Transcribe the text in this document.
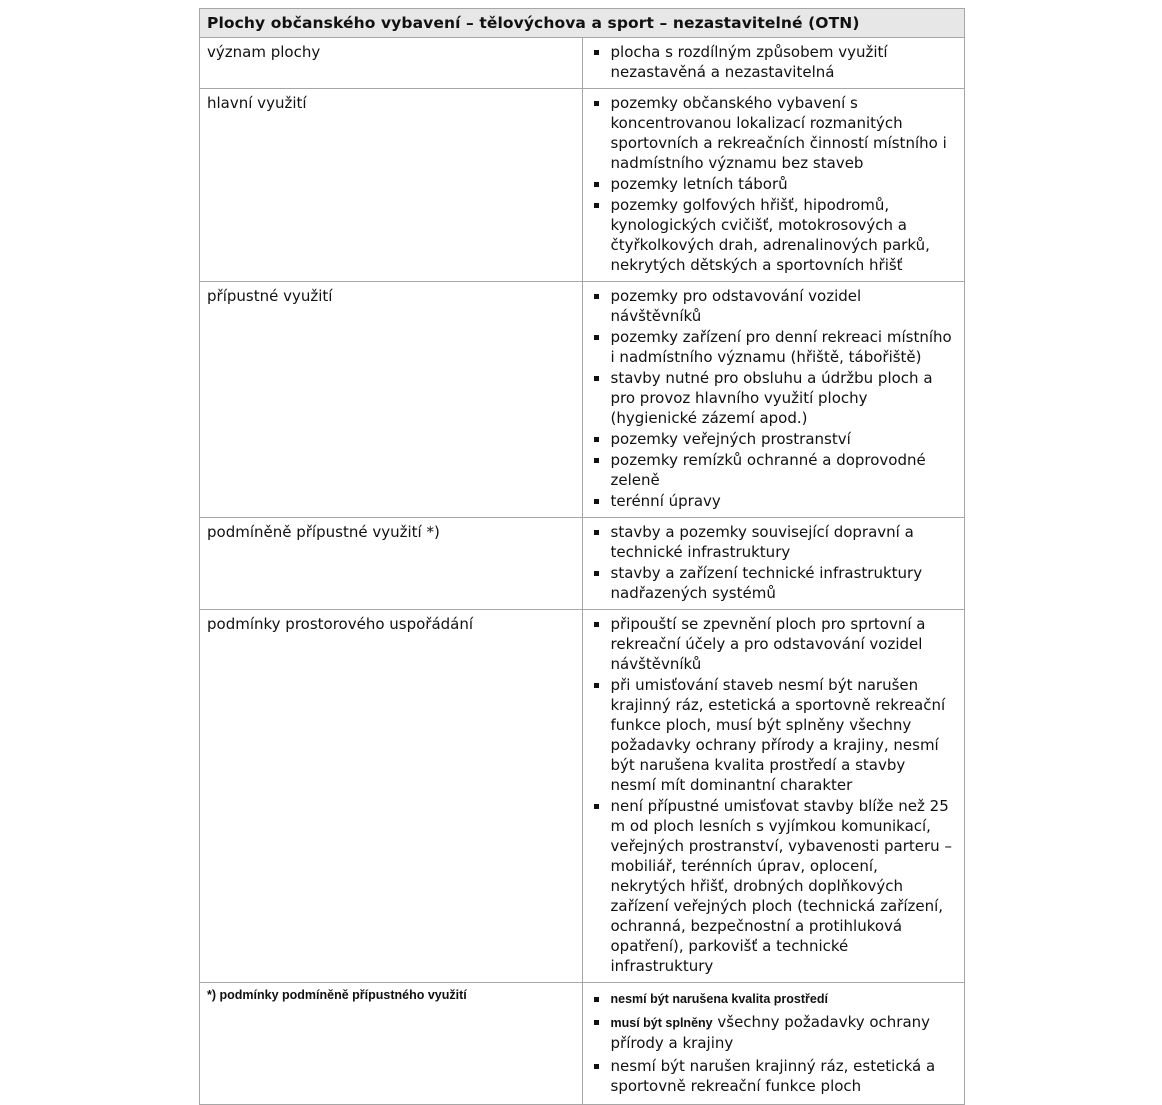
Plochy občanského vybavení – tělovýchova a sport – nezastavitelné (OTN)	
význam plochy	plocha s rozdílným způsobem využití nezastavěná a nezastavitelná

hlavní využití	pozemky občanského vybavení s koncentrovanou lokalizací rozmanitých sportovních a rekreačních činností místního i nadmístního významu bez staveb
pozemky letních táborů
pozemky golfových hřišť, hipodromů, kynologických cvičišť, motokrosových a čtyřkolkových drah, adrenalinových parků, nekrytých dětských a sportovních hřišť

přípustné využití	pozemky pro odstavování vozidel návštěvníků
pozemky zařízení pro denní rekreaci místního i nadmístního významu (hřiště, tábořiště)
stavby nutné pro obsluhu a údržbu ploch a pro provoz hlavního využití plochy (hygienické zázemí apod.)
pozemky veřejných prostranství
pozemky remízků ochranné a doprovodné zeleně
terénní úpravy

podmíněně přípustné využití *)	stavby a pozemky související dopravní a technické infrastruktury
stavby a zařízení technické infrastruktury nadřazených systémů

podmínky prostorového uspořádání	připouští se zpevnění ploch pro sprtovní a rekreační účely a pro odstavování vozidel návštěvníků
při umisťování staveb nesmí být narušen krajinný ráz, estetická a sportovně rekreační funkce ploch, musí být splněny všechny požadavky ochrany přírody a krajiny, nesmí být narušena kvalita prostředí a stavby nesmí mít dominantní charakter
není přípustné umisťovat stavby blíže než 25 m od ploch lesních s vyjímkou komunikací, veřejných prostranství, vybavenosti parteru – mobiliář, terénních úprav, oplocení, nekrytých hřišť, drobných doplňkových zařízení veřejných ploch (technická zařízení, ochranná, bezpečnostní a protihluková opatření), parkovišť a technické infrastruktury

*) podmínky podmíněně přípustného využití	nesmí být narušena kvalita prostředí
musí být splněny všechny požadavky ochrany přírody a krajiny
nesmí být narušen krajinný ráz, estetická a sportovně rekreační funkce ploch
